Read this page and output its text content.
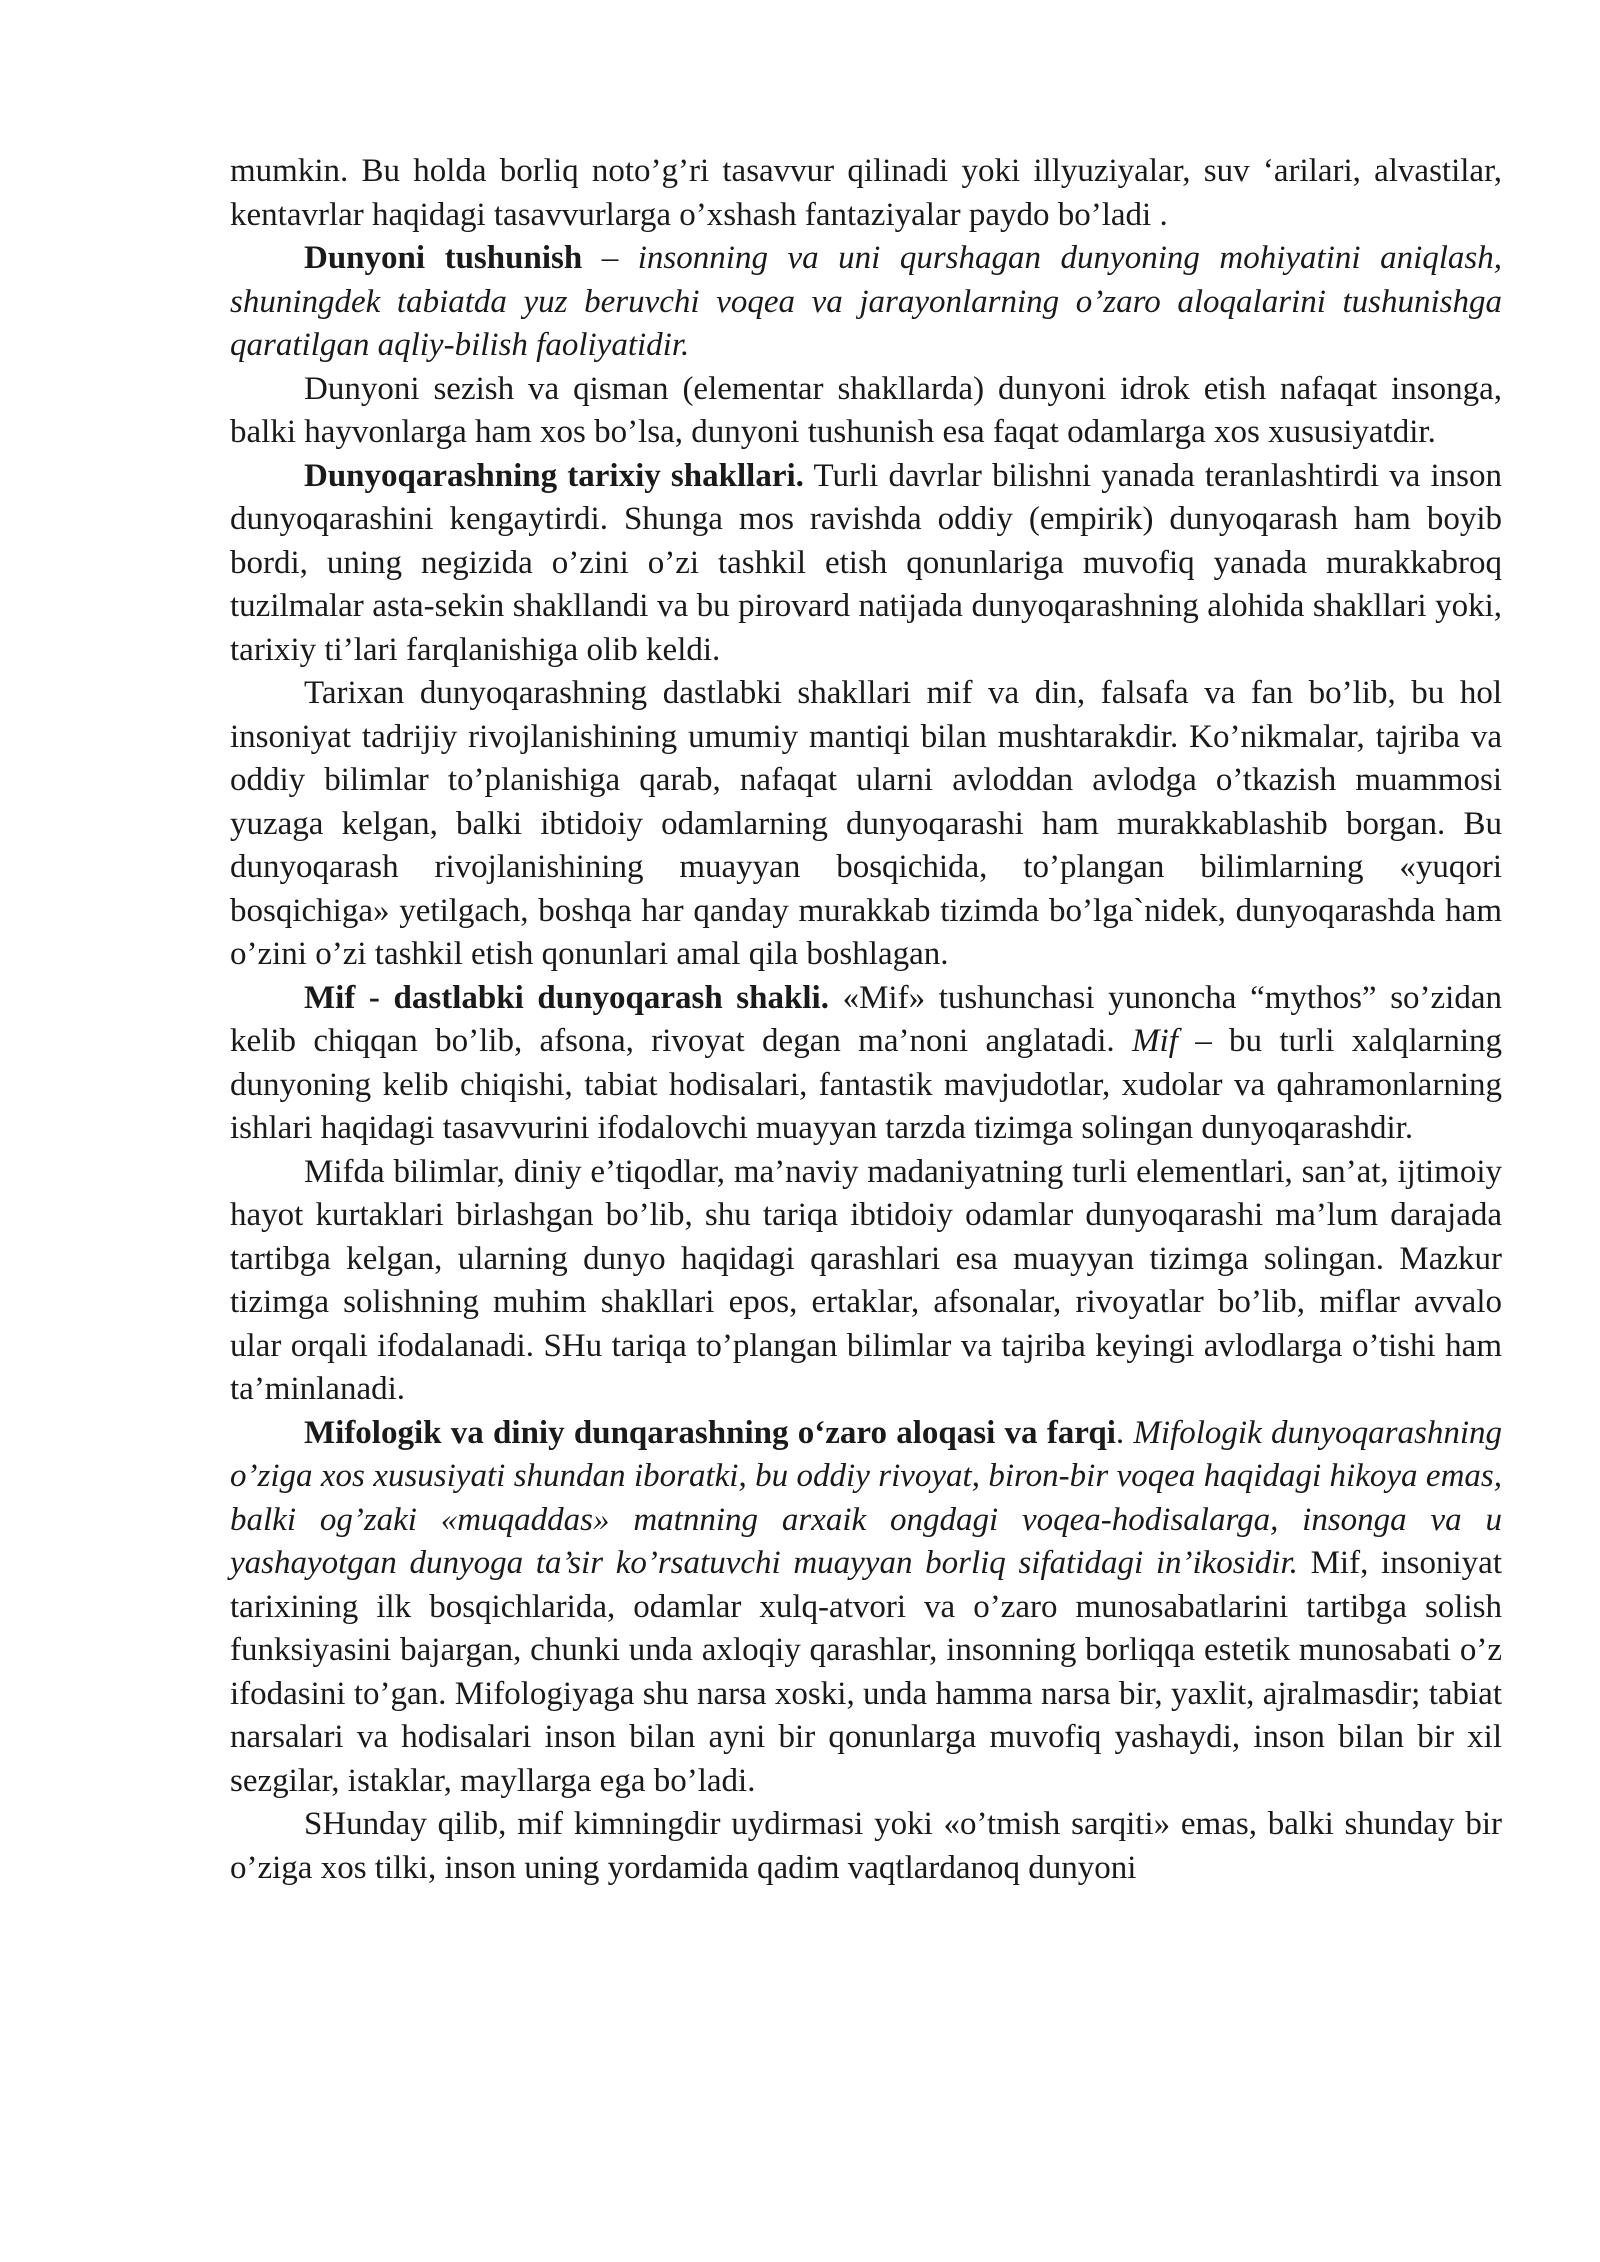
mumkin. Bu holda borliq noto’g’ri tasavvur qilinadi yoki illyuziyalar, suv ‘arilari, alvastilar, kentavrlar haqidagi tasavvurlarga o’xshash fantaziyalar paydo bo’ladi .

Dunyoni tushunish – insonning va uni qurshagan dunyoning mohiyatini aniqlash, shuningdek tabiatda yuz beruvchi voqea va jarayonlarning o’zaro aloqalarini tushunishga qaratilgan aqliy-bilish faoliyatidir.

Dunyoni sezish va qisman (elementar shakllarda) dunyoni idrok etish nafaqat insonga, balki hayvonlarga ham xos bo’lsa, dunyoni tushunish esa faqat odamlarga xos xususiyatdir.

Dunyoqarashning tarixiy shakllari. Turli davrlar bilishni yanada teranlashtirdi va inson dunyoqarashini kengaytirdi. Shunga mos ravishda oddiy (empirik) dunyoqarash ham boyib bordi, uning negizida o’zini o’zi tashkil etish qonunlariga muvofiq yanada murakkabroq tuzilmalar asta-sekin shakllandi va bu pirovard natijada dunyoqarashning alohida shakllari yoki, tarixiy ti’lari farqlanishiga olib keldi.

Tarixan dunyoqarashning dastlabki shakllari mif va din, falsafa va fan bo’lib, bu hol insoniyat tadrijiy rivojlanishining umumiy mantiqi bilan mushtarakdir. Ko’nikmalar, tajriba va oddiy bilimlar to’planishiga qarab, nafaqat ularni avloddan avlodga o’tkazish muammosi yuzaga kelgan, balki ibtidoiy odamlarning dunyoqarashi ham murakkablashib borgan. Bu dunyoqarash rivojlanishining muayyan bosqichida, to’plangan bilimlarning «yuqori bosqichiga» yetilgach, boshqa har qanday murakkab tizimda bo’lga`nidek, dunyoqarashda ham o’zini o’zi tashkil etish qonunlari amal qila boshlagan.

Mif - dastlabki dunyoqarash shakli. «Mif» tushunchasi yunoncha “mythos” so’zidan kelib chiqqan bo’lib, afsona, rivoyat degan ma’noni anglatadi. Mif – bu turli xalqlarning dunyoning kelib chiqishi, tabiat hodisalari, fantastik mavjudotlar, xudolar va qahramonlarning ishlari haqidagi tasavvurini ifodalovchi muayyan tarzda tizimga solingan dunyoqarashdir.

Mifda bilimlar, diniy e’tiqodlar, ma’naviy madaniyatning turli elementlari, san’at, ijtimoiy hayot kurtaklari birlashgan bo’lib, shu tariqa ibtidoiy odamlar dunyoqarashi ma’lum darajada tartibga kelgan, ularning dunyo haqidagi qarashlari esa muayyan tizimga solingan. Mazkur tizimga solishning muhim shakllari epos, ertaklar, afsonalar, rivoyatlar bo’lib, miflar avvalo ular orqali ifodalanadi. SHu tariqa to’plangan bilimlar va tajriba keyingi avlodlarga o’tishi ham ta’minlanadi.

Mifologik va diniy dunqarashning o‘zaro aloqasi va farqi. Mifologik dunyoqarashning o’ziga xos xususiyati shundan iboratki, bu oddiy rivoyat, biron-bir voqea haqidagi hikoya emas, balki og’zaki «muqaddas» matnning arxaik ongdagi voqea-hodisalarga, insonga va u yashayotgan dunyoga ta’sir ko’rsatuvchi muayyan borliq sifatidagi in’ikosidir. Mif, insoniyat tarixining ilk bosqichlarida, odamlar xulq-atvori va o’zaro munosabatlarini tartibga solish funksiyasini bajargan, chunki unda axloqiy qarashlar, insonning borliqqa estetik munosabati o’z ifodasini to’gan. Mifologiyaga shu narsa xoski, unda hamma narsa bir, yaxlit, ajralmasdir; tabiat narsalari va hodisalari inson bilan ayni bir qonunlarga muvofiq yashaydi, inson bilan bir xil sezgilar, istaklar, mayllarga ega bo’ladi.

SHunday qilib, mif kimningdir uydirmasi yoki «o’tmish sarqiti» emas, balki shunday bir o’ziga xos tilki, inson uning yordamida qadim vaqtlardanoq dunyoni
